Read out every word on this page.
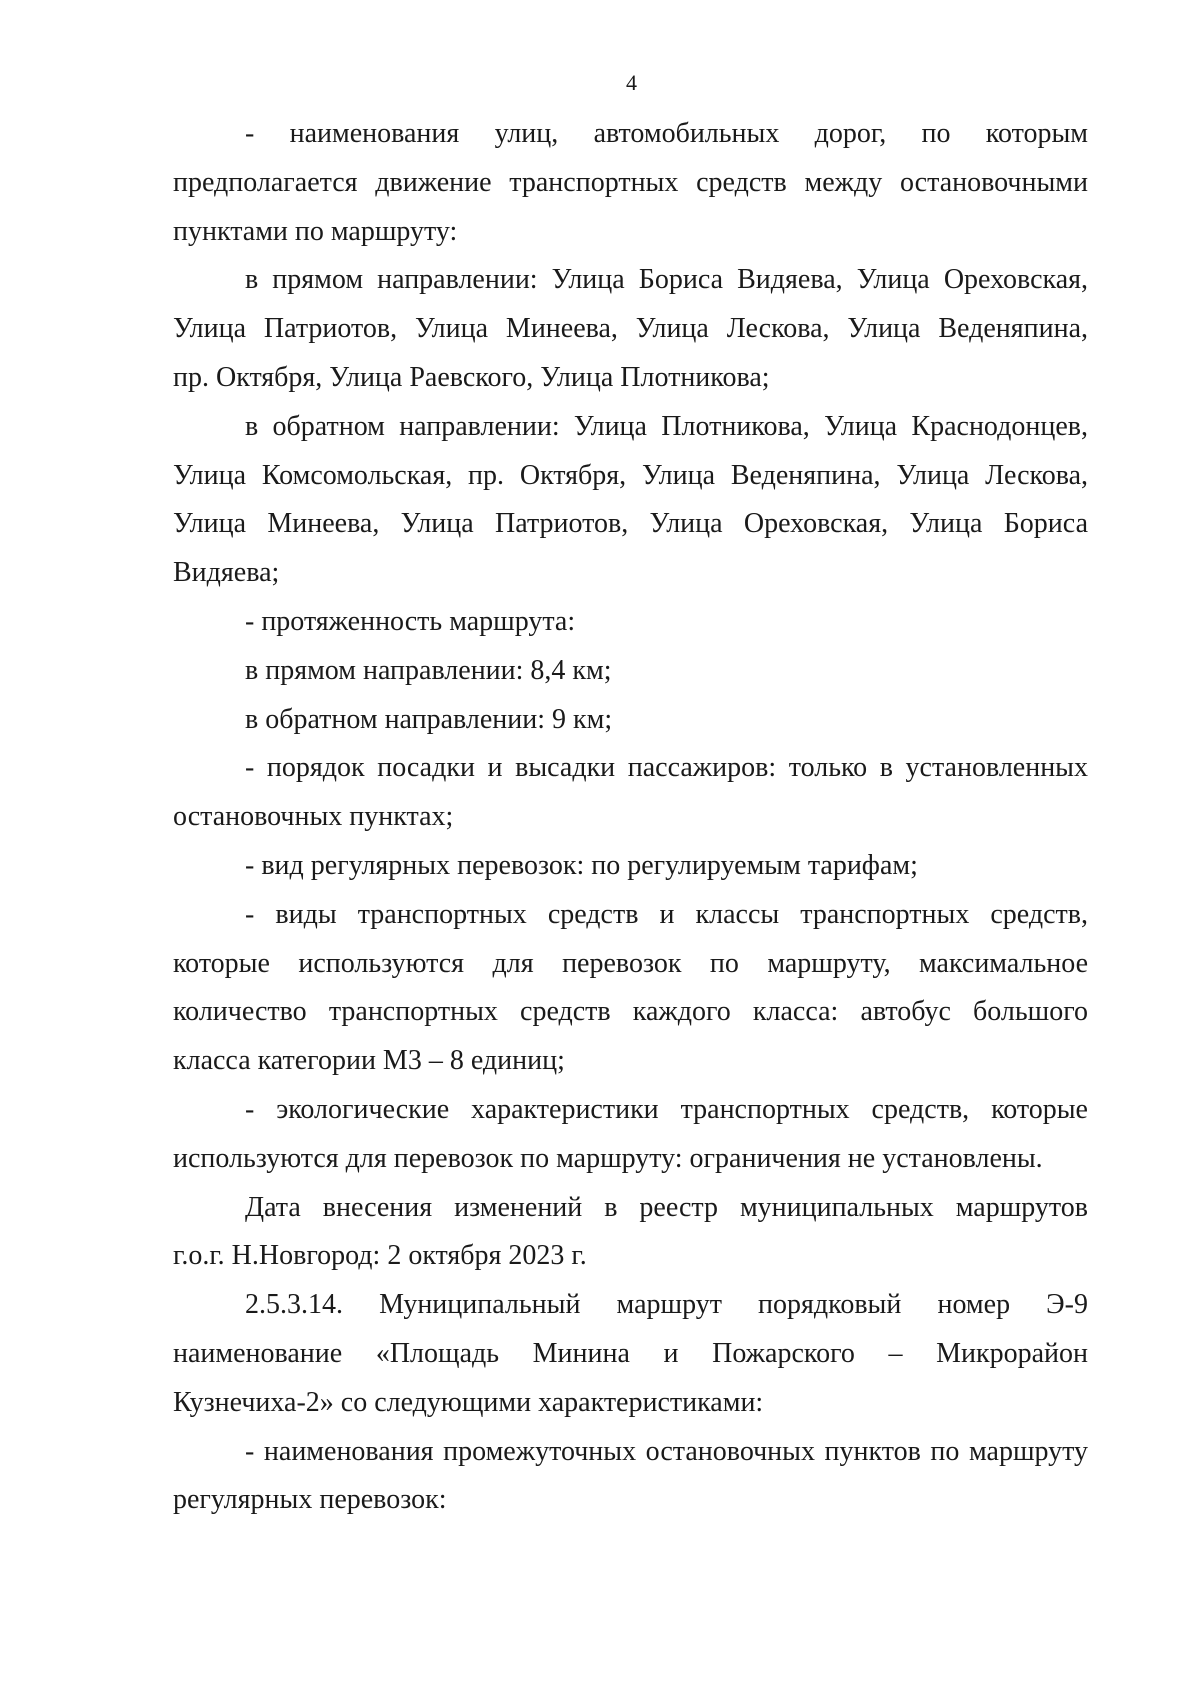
4
- наименования улиц, автомобильных дорог, по которым
предполагается движение транспортных средств между остановочными
пунктами по маршруту:
в прямом направлении: Улица Бориса Видяева, Улица Ореховская,
Улица Патриотов, Улица Минеева, Улица Лескова, Улица Веденяпина,
пр. Октября, Улица Раевского, Улица Плотникова;
в обратном направлении: Улица Плотникова, Улица Краснодонцев,
Улица Комсомольская, пр. Октября, Улица Веденяпина, Улица Лескова,
Улица Минеева, Улица Патриотов, Улица Ореховская, Улица Бориса
Видяева;
- протяженность маршрута:
в прямом направлении: 8,4 км;
в обратном направлении: 9 км;
- порядок посадки и высадки пассажиров: только в установленных
остановочных пунктах;
- вид регулярных перевозок: по регулируемым тарифам;
- виды транспортных средств и классы транспортных средств,
которые используются для перевозок по маршруту, максимальное
количество транспортных средств каждого класса: автобус большого
класса категории М3 – 8 единиц;
- экологические характеристики транспортных средств, которые
используются для перевозок по маршруту: ограничения не установлены.
Дата внесения изменений в реестр муниципальных маршрутов
г.о.г. Н.Новгород: 2 октября 2023 г.
2.5.3.14. Муниципальный маршрут порядковый номер Э-9
наименование «Площадь Минина и Пожарского – Микрорайон
Кузнечиха-2» со следующими характеристиками:
- наименования промежуточных остановочных пунктов по маршруту
регулярных перевозок:
